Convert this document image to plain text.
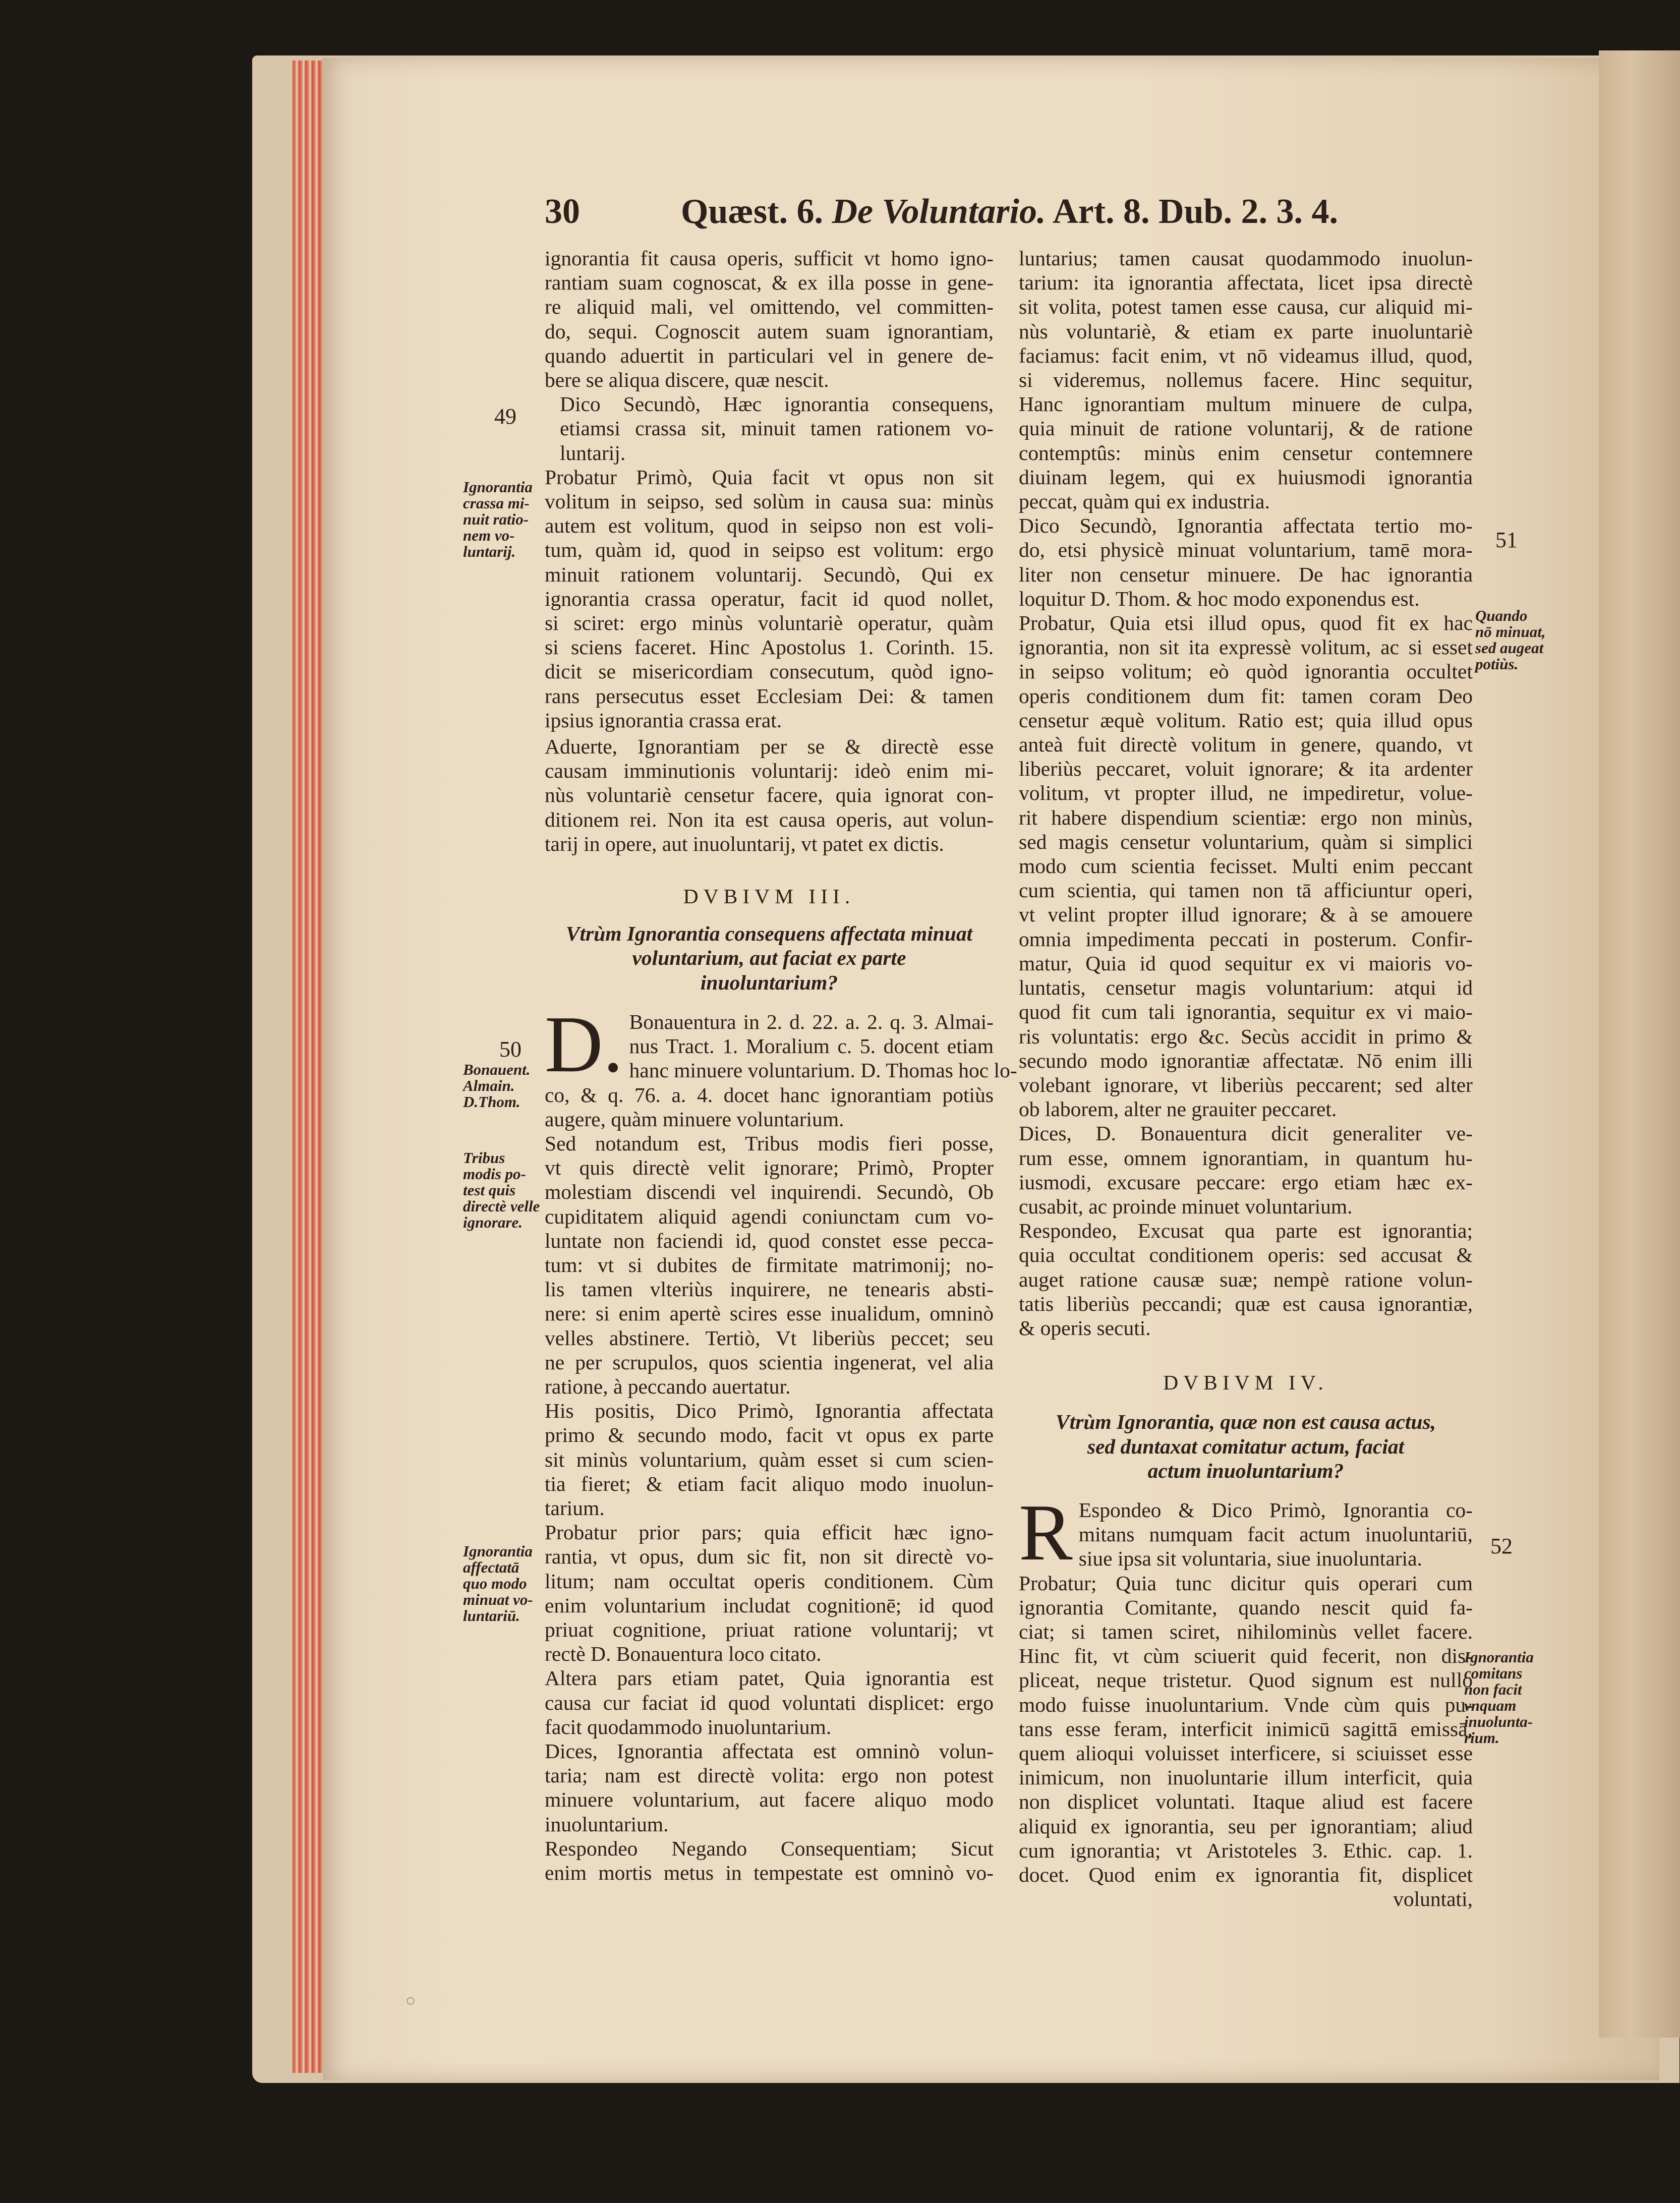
30	Quæst. 6. De Voluntario. Art. 8. Dub. 2. 3. 4.
ignorantia fit causa operis, sufficit vt homo igno-
rantiam suam cognoscat, & ex illa posse in gene-
re aliquid mali, vel omittendo, vel committen-
do, sequi. Cognoscit autem suam ignorantiam,
quando aduertit in particulari vel in genere de-
bere se aliqua discere, quæ nescit.
Dico Secundò, Hæc ignorantia consequens,
etiamsi crassa sit, minuit tamen rationem vo-
luntarij.
Probatur Primò, Quia facit vt opus non sit
volitum in seipso, sed solùm in causa sua: minùs
autem est volitum, quod in seipso non est voli-
tum, quàm id, quod in seipso est volitum: ergo
minuit rationem voluntarij. Secundò, Qui ex
ignorantia crassa operatur, facit id quod nollet,
si sciret: ergo minùs voluntariè operatur, quàm
si sciens faceret. Hinc Apostolus 1. Corinth. 15.
dicit se misericordiam consecutum, quòd igno-
rans persecutus esset Ecclesiam Dei: & tamen
ipsius ignorantia crassa erat.
Aduerte, Ignorantiam per se & directè esse
causam imminutionis voluntarij: ideò enim mi-
nùs voluntariè censetur facere, quia ignorat con-
ditionem rei. Non ita est causa operis, aut volun-
tarij in opere, aut inuoluntarij, vt patet ex dictis.
DVBIVM III.
Vtrùm Ignorantia consequens affectata minuat
voluntarium, aut faciat ex parte
inuoluntarium?
D. Bonauentura in 2. d. 22. a. 2. q. 3. Almai-
nus Tract. 1. Moralium c. 5. docent etiam
hanc minuere voluntarium. D. Thomas hoc lo-
co, & q. 76. a. 4. docet hanc ignorantiam potiùs
augere, quàm minuere voluntarium.
Sed notandum est, Tribus modis fieri posse,
vt quis directè velit ignorare; Primò, Propter
molestiam discendi vel inquirendi. Secundò, Ob
cupiditatem aliquid agendi coniunctam cum vo-
luntate non faciendi id, quod constet esse pecca-
tum: vt si dubites de firmitate matrimonij; no-
lis tamen vlteriùs inquirere, ne tenearis absti-
nere: si enim apertè scires esse inualidum, omninò
velles abstinere. Tertiò, Vt liberiùs peccet; seu
ne per scrupulos, quos scientia ingenerat, vel alia
ratione, à peccando auertatur.
His positis, Dico Primò, Ignorantia affectata
primo & secundo modo, facit vt opus ex parte
sit minùs voluntarium, quàm esset si cum scien-
tia fieret; & etiam facit aliquo modo inuolun-
tarium.
Probatur prior pars; quia efficit hæc igno-
rantia, vt opus, dum sic fit, non sit directè vo-
litum; nam occultat operis conditionem. Cùm
enim voluntarium includat cognitionē; id quod
priuat cognitione, priuat ratione voluntarij; vt
rectè D. Bonauentura loco citato.
Altera pars etiam patet, Quia ignorantia est
causa cur faciat id quod voluntati displicet: ergo
facit quodammodo inuoluntarium.
Dices, Ignorantia affectata est omninò volun-
taria; nam est directè volita: ergo non potest
minuere voluntarium, aut facere aliquo modo
inuoluntarium.
Respondeo Negando Consequentiam; Sicut
enim mortis metus in tempestate est omninò vo-
luntarius; tamen causat quodammodo inuolun-
tarium: ita ignorantia affectata, licet ipsa directè
sit volita, potest tamen esse causa, cur aliquid mi-
nùs voluntariè, & etiam ex parte inuoluntariè
faciamus: facit enim, vt nō videamus illud, quod,
si videremus, nollemus facere. Hinc sequitur,
Hanc ignorantiam multum minuere de culpa,
quia minuit de ratione voluntarij, & de ratione
contemptûs: minùs enim censetur contemnere
diuinam legem, qui ex huiusmodi ignorantia
peccat, quàm qui ex industria.
Dico Secundò, Ignorantia affectata tertio mo-
do, etsi physicè minuat voluntarium, tamē mora-
liter non censetur minuere. De hac ignorantia
loquitur D. Thom. & hoc modo exponendus est.
Probatur, Quia etsi illud opus, quod fit ex hac
ignorantia, non sit ita expressè volitum, ac si esset
in seipso volitum; eò quòd ignorantia occultet
operis conditionem dum fit: tamen coram Deo
censetur æquè volitum. Ratio est; quia illud opus
anteà fuit directè volitum in genere, quando, vt
liberiùs peccaret, voluit ignorare; & ita ardenter
volitum, vt propter illud, ne impediretur, volue-
rit habere dispendium scientiæ: ergo non minùs,
sed magis censetur voluntarium, quàm si simplici
modo cum scientia fecisset. Multi enim peccant
cum scientia, qui tamen non tā afficiuntur operi,
vt velint propter illud ignorare; & à se amouere
omnia impedimenta peccati in posterum. Confir-
matur, Quia id quod sequitur ex vi maioris vo-
luntatis, censetur magis voluntarium: atqui id
quod fit cum tali ignorantia, sequitur ex vi maio-
ris voluntatis: ergo &c. Secùs accidit in primo &
secundo modo ignorantiæ affectatæ. Nō enim illi
volebant ignorare, vt liberiùs peccarent; sed alter
ob laborem, alter ne grauiter peccaret.
Dices, D. Bonauentura dicit generaliter ve-
rum esse, omnem ignorantiam, in quantum hu-
iusmodi, excusare peccare: ergo etiam hæc ex-
cusabit, ac proinde minuet voluntarium.
Respondeo, Excusat qua parte est ignorantia;
quia occultat conditionem operis: sed accusat &
auget ratione causæ suæ; nempè ratione volun-
tatis liberiùs peccandi; quæ est causa ignorantiæ,
& operis secuti.
DVBIVM IV.
Vtrùm Ignorantia, quæ non est causa actus,
sed duntaxat comitatur actum, faciat
actum inuoluntarium?
R Espondeo & Dico Primò, Ignorantia co-
mitans numquam facit actum inuoluntariū,
siue ipsa sit voluntaria, siue inuoluntaria.
Probatur; Quia tunc dicitur quis operari cum
ignorantia Comitante, quando nescit quid fa-
ciat; si tamen sciret, nihilominùs vellet facere.
Hinc fit, vt cùm sciuerit quid fecerit, non dis-
pliceat, neque tristetur. Quod signum est nullo
modo fuisse inuoluntarium. Vnde cùm quis pu-
tans esse feram, interficit inimicū sagittā emissā,
quem alioqui voluisset interficere, si sciuisset esse
inimicum, non inuoluntarie illum interficit, quia
non displicet voluntati. Itaque aliud est facere
aliquid ex ignorantia, seu per ignorantiam; aliud
cum ignorantia; vt Aristoteles 3. Ethic. cap. 1.
docet. Quod enim ex ignorantia fit, displicet
voluntati,
49
50
51
52
Ignorantia
crassa mi-
nuit ratio-
nem vo-
luntarij.
Bonauent.
Almain.
D.Thom.
Tribus
modis po-
test quis
directè velle
ignorare.
Ignorantia
affectatā
quo modo
minuat vo-
luntariū.
Quando
nō minuat,
sed augeat
potiùs.
Ignorantia
comitans
non facit
vnquam
inuolunta-
rium.
◌
